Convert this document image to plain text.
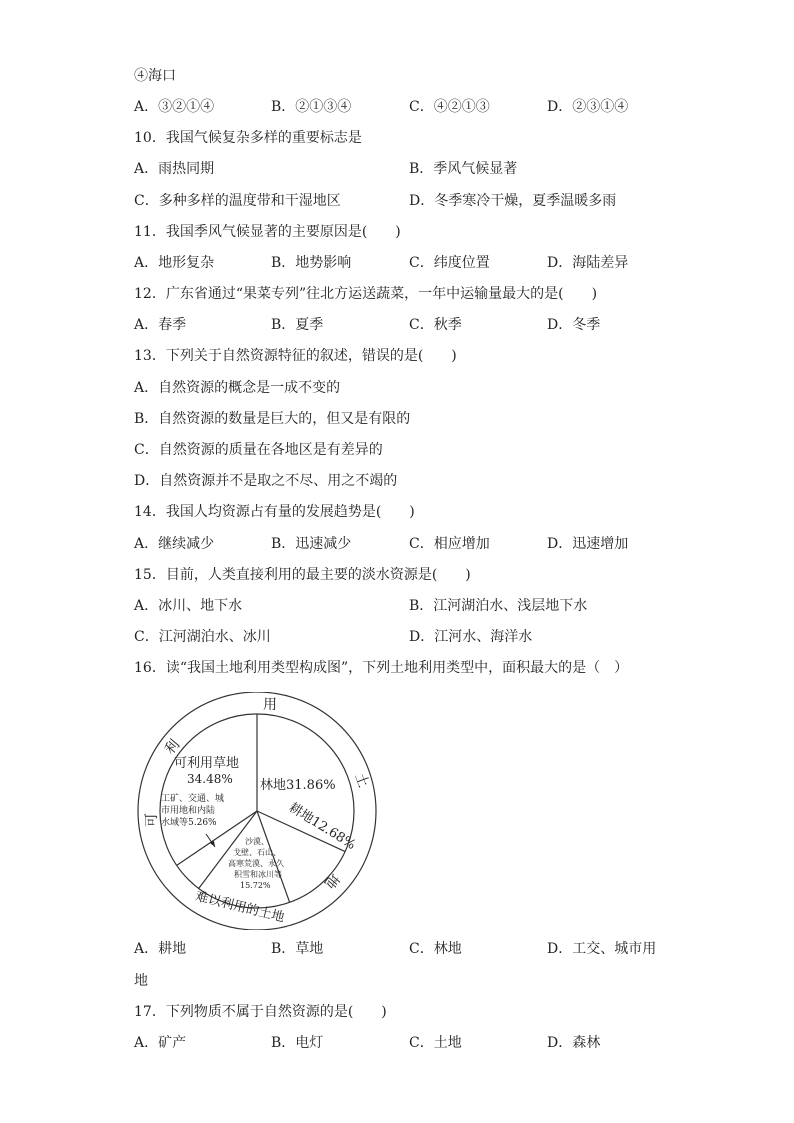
④海口
A．③②①④	B．②①③④	C．④②①③	D．②③①④
10．我国气候复杂多样的重要标志是
A．雨热同期	B．季风气候显著
C．多种多样的温度带和干湿地区	D．冬季寒冷干燥，夏季温暖多雨
11．我国季风气候显著的主要原因是(　　)
A．地形复杂	B．地势影响	C．纬度位置	D．海陆差异
12．广东省通过“果菜专列”往北方运送蔬菜，一年中运输量最大的是(　　)
A．春季	B．夏季	C．秋季	D．冬季
13．下列关于自然资源特征的叙述，错误的是(　　)
A．自然资源的概念是一成不变的
B．自然资源的数量是巨大的，但又是有限的
C．自然资源的质量在各地区是有差异的
D．自然资源并不是取之不尽、用之不竭的
14．我国人均资源占有量的发展趋势是(　　)
A．继续减少	B．迅速减少	C．相应增加	D．迅速增加
15．目前，人类直接利用的最主要的淡水资源是(　　)
A．冰川、地下水	B．江河湖泊水、浅层地下水
C．江河湖泊水、冰川	D．江河水、海洋水
16．读“我国土地利用类型构成图”，下列土地利用类型中，面积最大的是（　）
可
利
用
土
地
难以利用的土地
林地31.86%
耕地12.68%
可利用草地
34.48%
工矿、交通、城
市用地和内陆
水域等5.26%
沙漠、
戈壁、石山、
高寒荒漠、永久
积雪和冰川等
15.72%
A．耕地	B．草地	C．林地	D．工交、城市用
地
17．下列物质不属于自然资源的是(　　)
A．矿产	B．电灯	C．土地	D．森林
